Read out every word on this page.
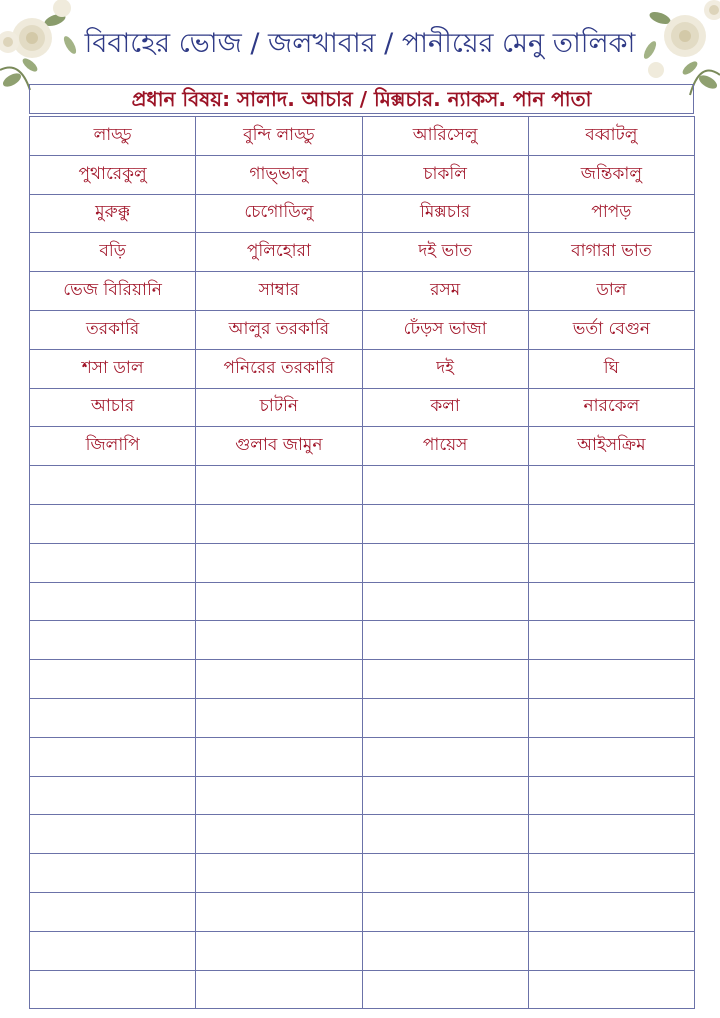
বিবাহের ভোজ / জলখাবার / পানীয়ের মেনু তালিকা
প্রধান বিষয়: সালাদ. আচার / মিক্সচার. ন্যাকস. পান পাতা
লাড্ডু	বুন্দি লাড্ডু	আরিসেলু	বব্বাটলু
পুথারেকুলু	গাভ্ভালু	চাকলি	জন্তিকালু
মুরুক্কু	চেগোডিলু	মিক্সচার	পাপড়
বড়ি	পুলিহোরা	দই ভাত	বাগারা ভাত
ভেজ বিরিয়ানি	সাম্বার	রসম	ডাল
তরকারি	আলুর তরকারি	ঢেঁড়স ভাজা	ভর্তা বেগুন
শসা ডাল	পনিরের তরকারি	দই	ঘি
আচার	চাটনি	কলা	নারকেল
জিলাপি	গুলাব জামুন	পায়েস	আইসক্রিম
